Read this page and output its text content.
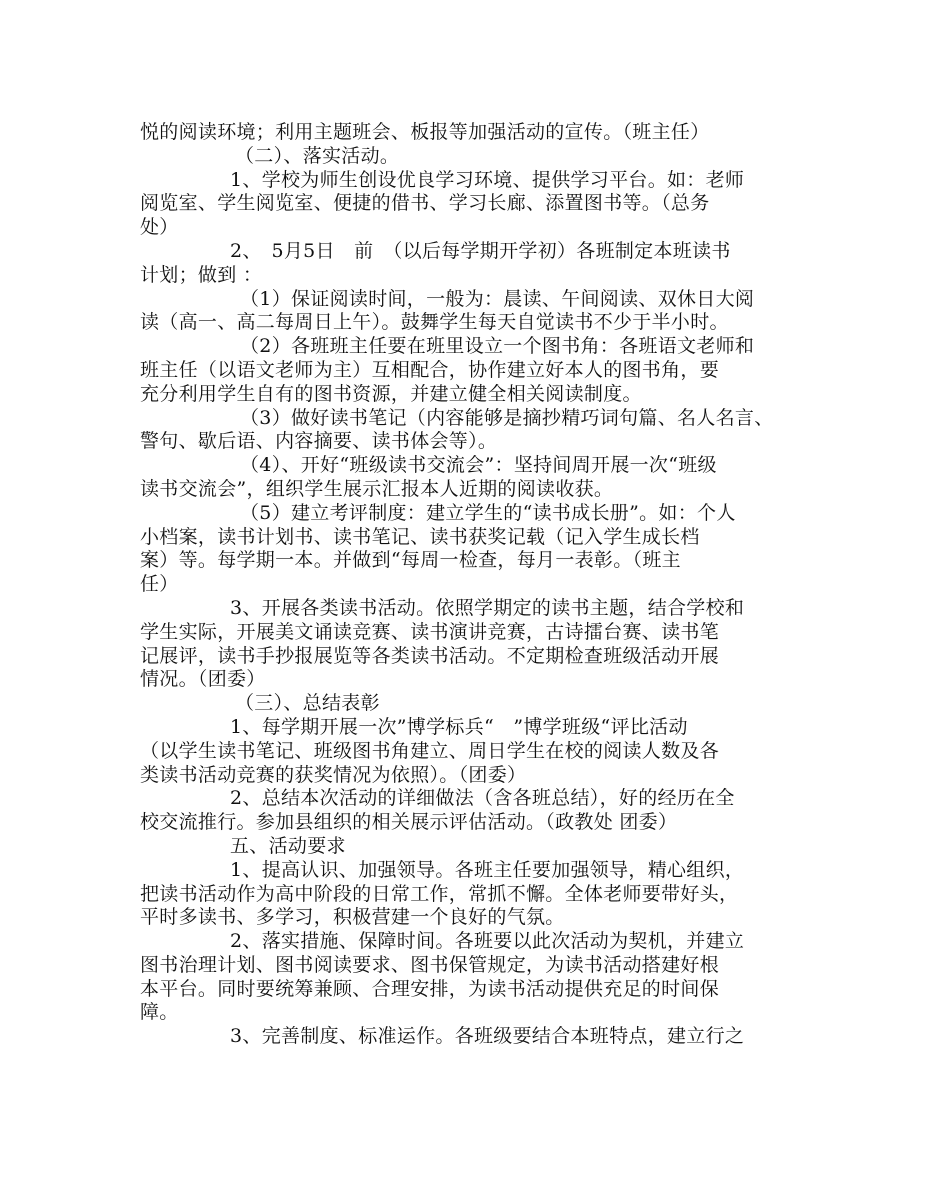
悦的阅读环境；利用主题班会、板报等加强活动的宣传。（班主任）
（二）、落实活动。
1、学校为师生创设优良学习环境、提供学习平台。如：老师
阅览室、学生阅览室、便捷的借书、学习长廊、添置图书等。（总务
处）
2、　5月5日　前　（以后每学期开学初）各班制定本班读书
计划；做到 ：
（1）保证阅读时间，一般为：晨读、午间阅读、双休日大阅
读（高一、高二每周日上午）。鼓舞学生每天自觉读书不少于半小时。
（2）各班班主任要在班里设立一个图书角：各班语文老师和
班主任（以语文老师为主）互相配合，协作建立好本人的图书角，要
充分利用学生自有的图书资源，并建立健全相关阅读制度。
（3）做好读书笔记（内容能够是摘抄精巧词句篇、名人名言、
警句、歇后语、内容摘要、读书体会等）。
（4）、开好“班级读书交流会”：坚持间周开展一次“班级
读书交流会”，组织学生展示汇报本人近期的阅读收获。
（5）建立考评制度：建立学生的“读书成长册”。如：个人
小档案，读书计划书、读书笔记、读书获奖记载（记入学生成长档
案）等。每学期一本。并做到“每周一检查，每月一表彰。（班主
任）
3、开展各类读书活动。依照学期定的读书主题，结合学校和
学生实际，开展美文诵读竞赛、读书演讲竞赛，古诗擂台赛、读书笔
记展评，读书手抄报展览等各类读书活动。不定期检查班级活动开展
情况。（团委）
（三）、总结表彰
1、每学期开展一次”博学标兵“　”博学班级“评比活动
（以学生读书笔记、班级图书角建立、周日学生在校的阅读人数及各
类读书活动竞赛的获奖情况为依照）。（团委）
2、总结本次活动的详细做法（含各班总结），好的经历在全
校交流推行。参加县组织的相关展示评估活动。（政教处 团委）
五、活动要求
1、提高认识、加强领导。各班主任要加强领导，精心组织，
把读书活动作为高中阶段的日常工作，常抓不懈。全体老师要带好头，
平时多读书、多学习，积极营建一个良好的气氛。
2、落实措施、保障时间。各班要以此次活动为契机，并建立
图书治理计划、图书阅读要求、图书保管规定，为读书活动搭建好根
本平台。同时要统筹兼顾、合理安排，为读书活动提供充足的时间保
障。
3、完善制度、标准运作。各班级要结合本班特点，建立行之
